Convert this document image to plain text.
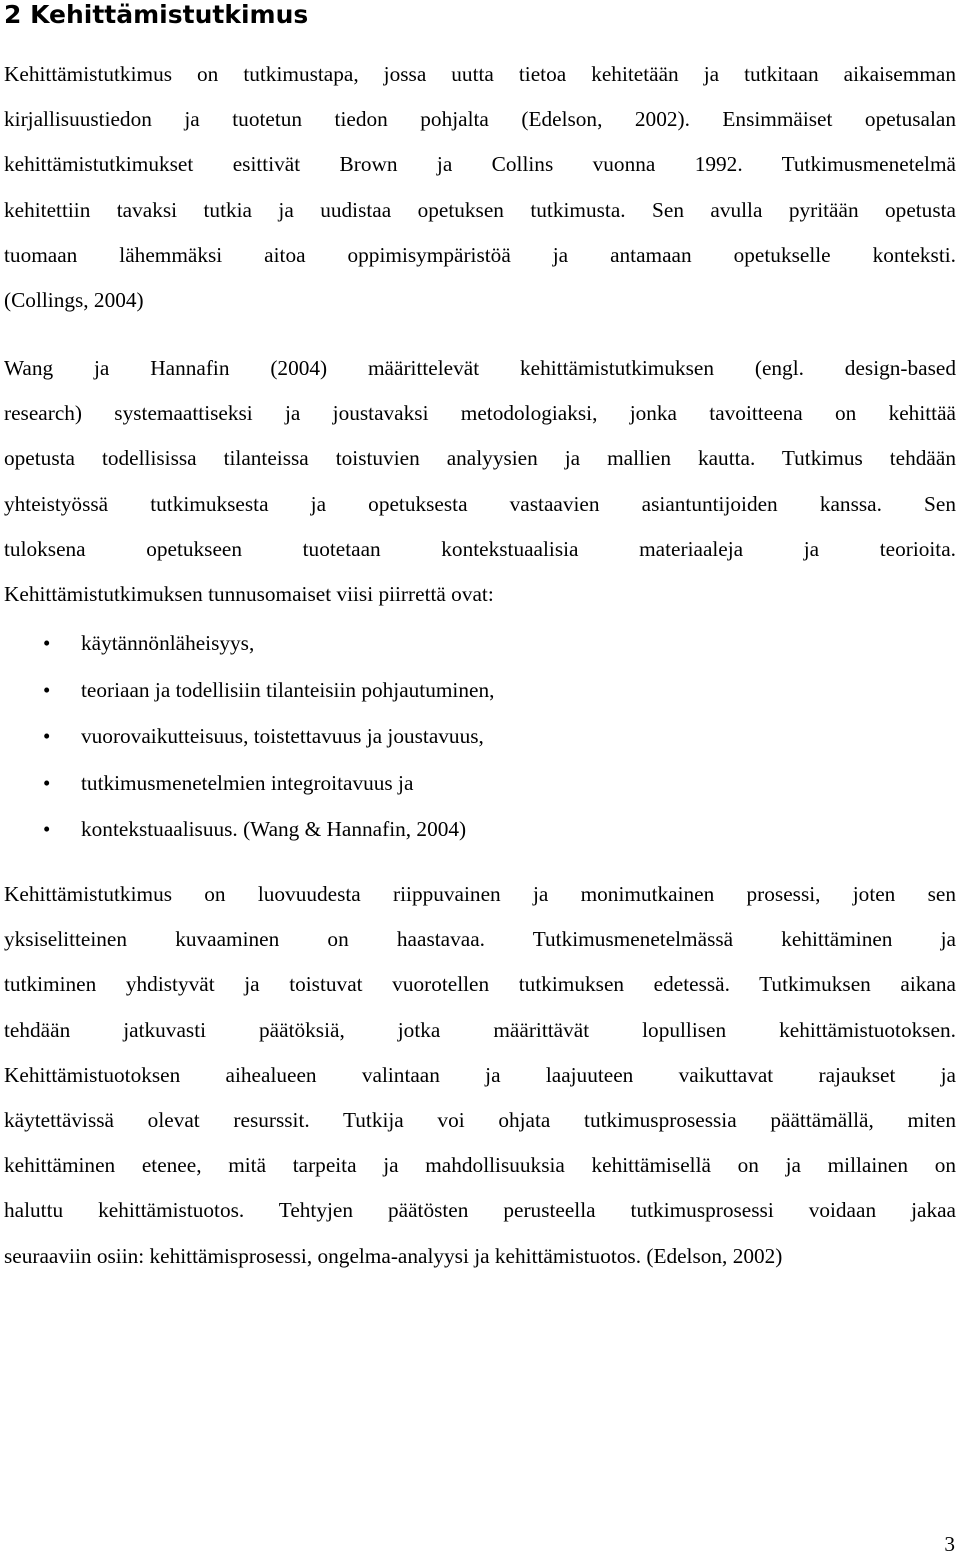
2 Kehittämistutkimus

Kehittämistutkimus on tutkimustapa, jossa uutta tietoa kehitetään ja tutkitaan aikaisemman
kirjallisuustiedon ja tuotetun tiedon pohjalta (Edelson, 2002). Ensimmäiset opetusalan
kehittämistutkimukset esittivät Brown ja Collins vuonna 1992. Tutkimusmenetelmä
kehitettiin tavaksi tutkia ja uudistaa opetuksen tutkimusta. Sen avulla pyritään opetusta
tuomaan lähemmäksi aitoa oppimisympäristöä ja antamaan opetukselle konteksti.
(Collings, 2004)

Wang ja Hannafin (2004) määrittelevät kehittämistutkimuksen (engl. design-based
research) systemaattiseksi ja joustavaksi metodologiaksi, jonka tavoitteena on kehittää
opetusta todellisissa tilanteissa toistuvien analyysien ja mallien kautta. Tutkimus tehdään
yhteistyössä tutkimuksesta ja opetuksesta vastaavien asiantuntijoiden kanssa. Sen
tuloksena opetukseen tuotetaan kontekstuaalisia materiaaleja ja teorioita.
Kehittämistutkimuksen tunnusomaiset viisi piirrettä ovat:

• käytännönläheisyys,
• teoriaan ja todellisiin tilanteisiin pohjautuminen,
• vuorovaikutteisuus, toistettavuus ja joustavuus,
• tutkimusmenetelmien integroitavuus ja
• kontekstuaalisuus. (Wang & Hannafin, 2004)

Kehittämistutkimus on luovuudesta riippuvainen ja monimutkainen prosessi, joten sen
yksiselitteinen kuvaaminen on haastavaa. Tutkimusmenetelmässä kehittäminen ja
tutkiminen yhdistyvät ja toistuvat vuorotellen tutkimuksen edetessä. Tutkimuksen aikana
tehdään jatkuvasti päätöksiä, jotka määrittävät lopullisen kehittämistuotoksen.
Kehittämistuotoksen aihealueen valintaan ja laajuuteen vaikuttavat rajaukset ja
käytettävissä olevat resurssit. Tutkija voi ohjata tutkimusprosessia päättämällä, miten
kehittäminen etenee, mitä tarpeita ja mahdollisuuksia kehittämisellä on ja millainen on
haluttu kehittämistuotos. Tehtyjen päätösten perusteella tutkimusprosessi voidaan jakaa
seuraaviin osiin: kehittämisprosessi, ongelma-analyysi ja kehittämistuotos. (Edelson, 2002)

3
